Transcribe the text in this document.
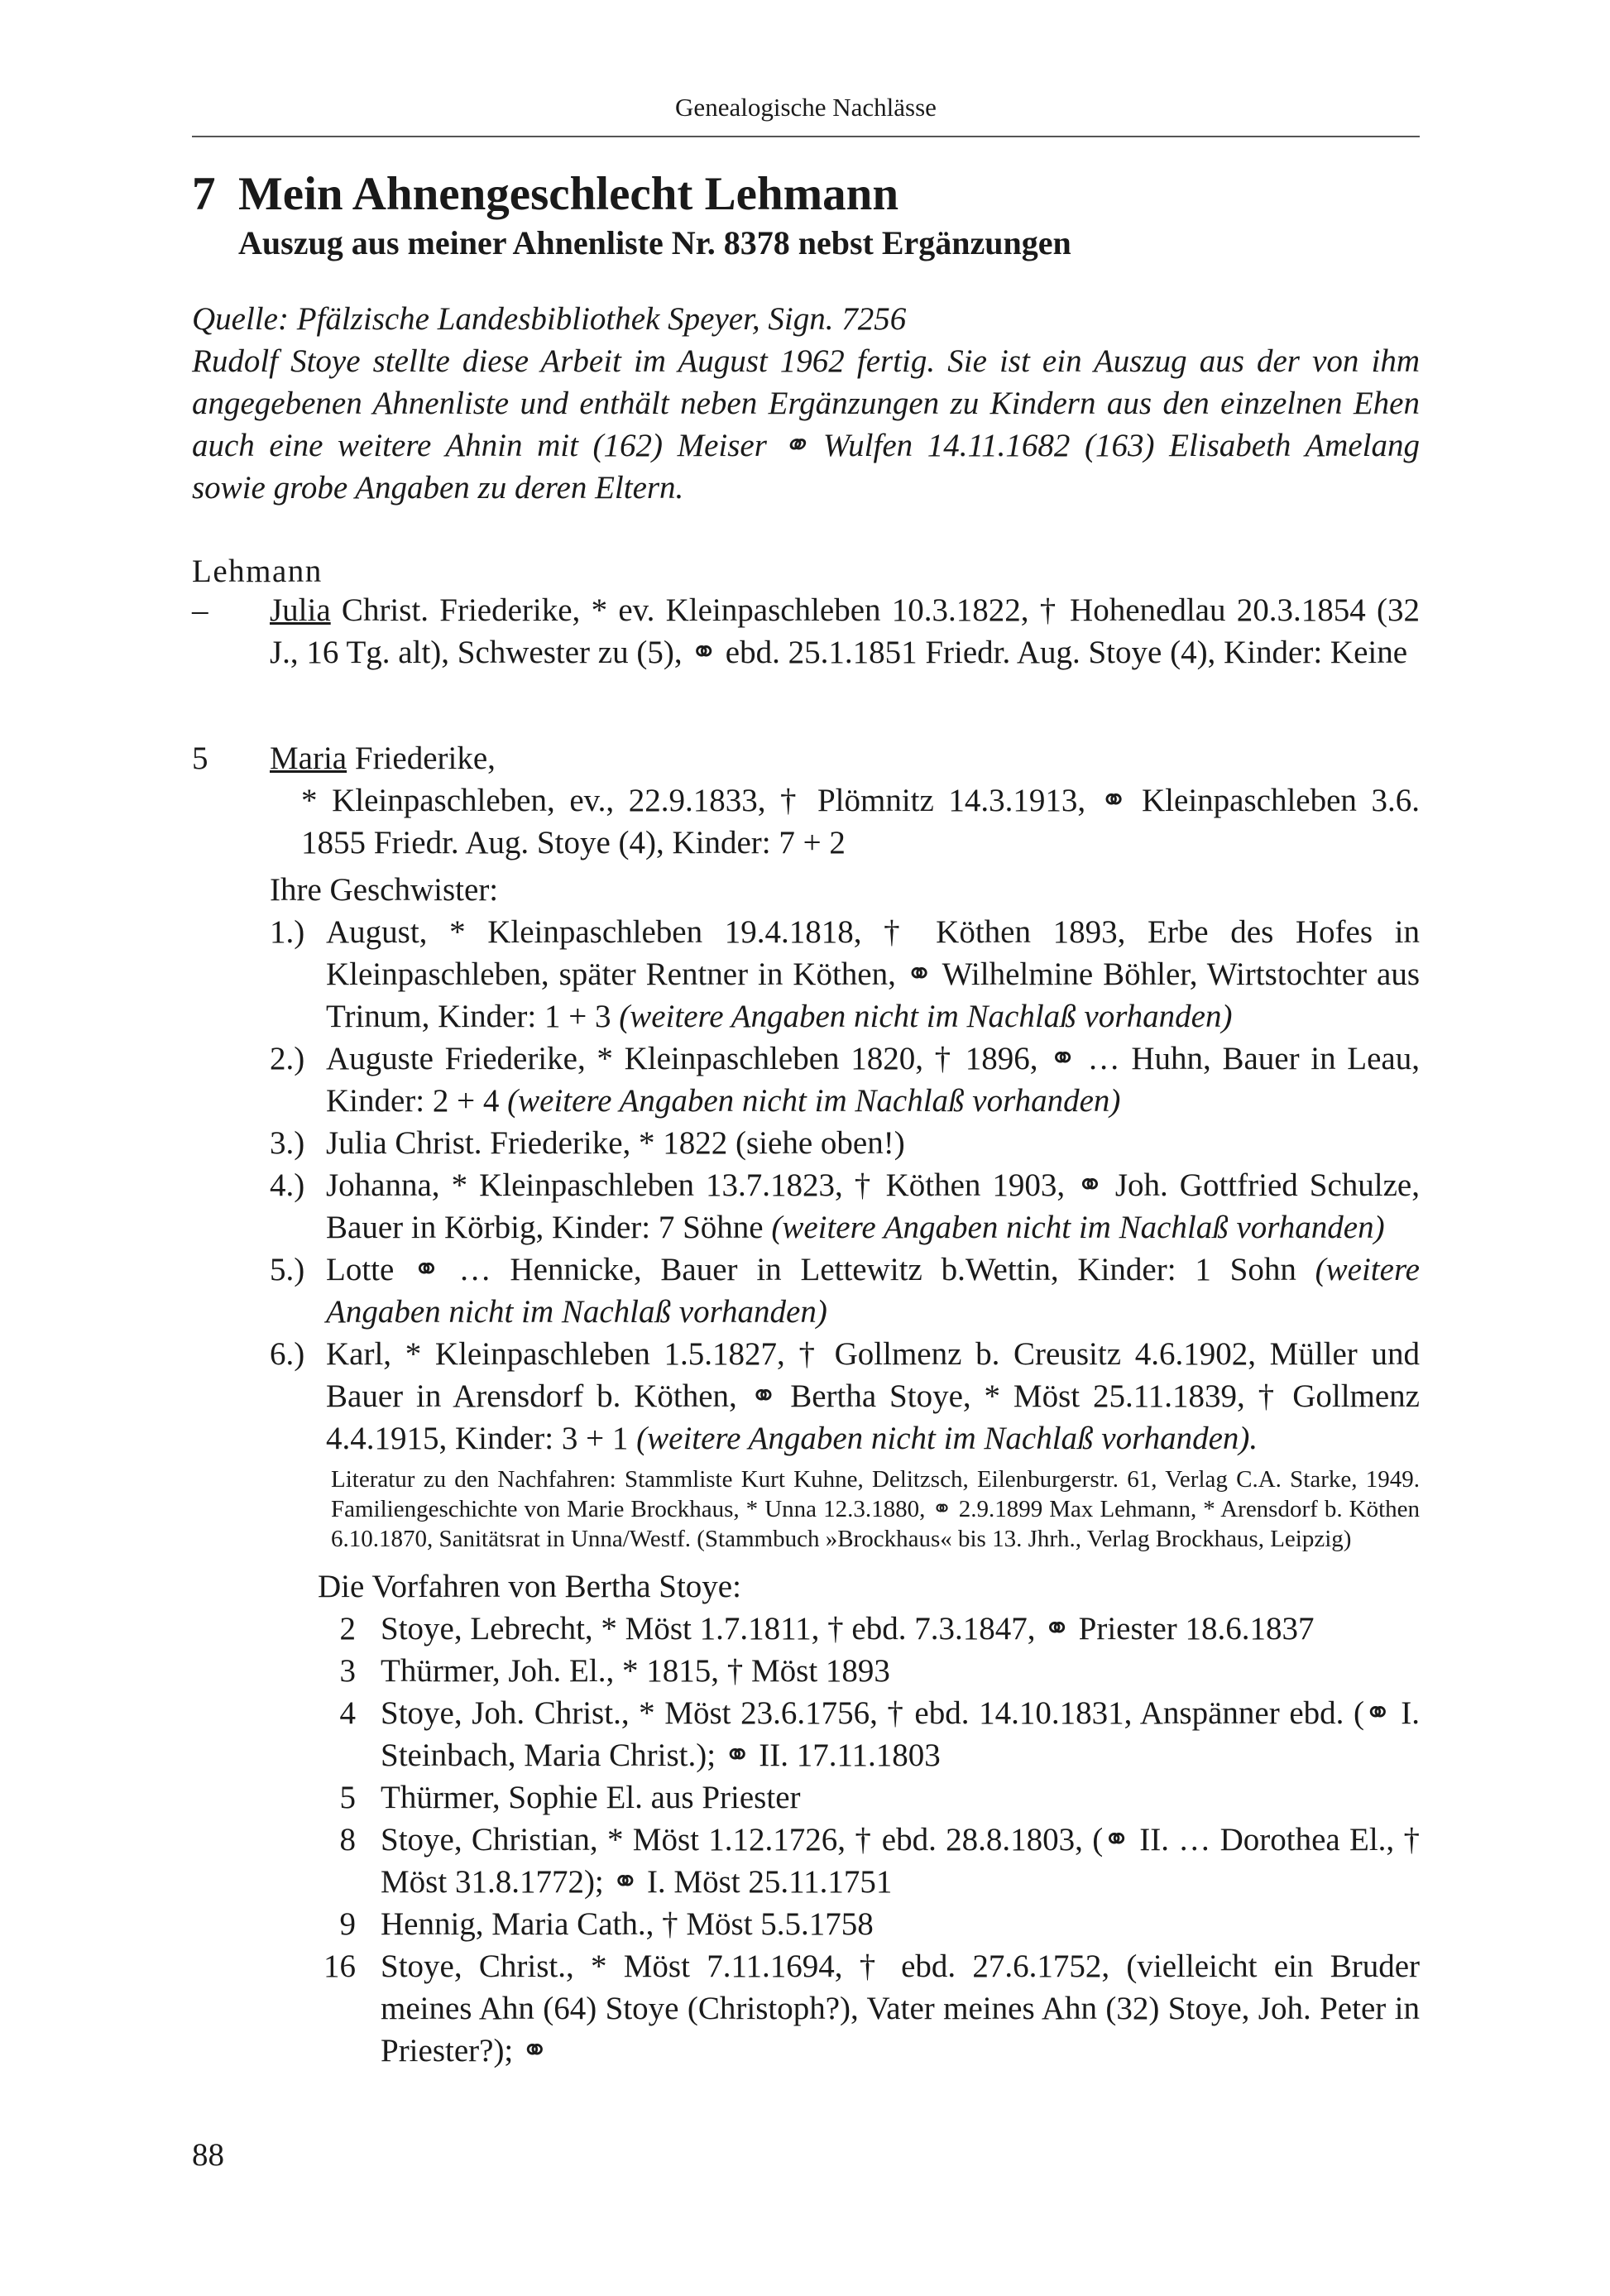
Genealogische Nachlässe
7 Mein Ahnengeschlecht Lehmann
Auszug aus meiner Ahnenliste Nr. 8378 nebst Ergänzungen

Quelle: Pfälzische Landesbibliothek Speyer, Sign. 7256

Rudolf Stoye stellte diese Arbeit im August 1962 fertig. Sie ist ein Auszug aus der von ihm angegebenen Ahnenliste und enthält neben Ergänzungen zu Kindern aus den einzelnen Ehen auch eine weitere Ahnin mit (162) Meiser ⚭ Wulfen 14.11.1682 (163) Elisabeth Amelang sowie grobe Angaben zu deren Eltern.

Lehmann
– Julia Christ. Friederike, * ev. Kleinpaschleben 10.3.1822, † Hohenedlau 20.3.1854 (32 J., 16 Tg. alt), Schwester zu (5), ⚭ ebd. 25.1.1851 Friedr. Aug. Stoye (4), Kinder: Keine
5 Maria Friederike,
* Kleinpaschleben, ev., 22.9.1833, † Plömnitz 14.3.1913, ⚭ Kleinpaschleben 3.6. 1855 Friedr. Aug. Stoye (4), Kinder: 7 + 2
Ihre Geschwister:
1.) August, * Kleinpaschleben 19.4.1818, † Köthen 1893, Erbe des Hofes in Kleinpaschleben, später Rentner in Köthen, ⚭ Wilhelmine Böhler, Wirtstochter aus Trinum, Kinder: 1 + 3 (weitere Angaben nicht im Nachlaß vorhanden)
2.) Auguste Friederike, * Kleinpaschleben 1820, † 1896, ⚭ … Huhn, Bauer in Leau, Kinder: 2 + 4 (weitere Angaben nicht im Nachlaß vorhanden)
3.) Julia Christ. Friederike, * 1822 (siehe oben!)
4.) Johanna, * Kleinpaschleben 13.7.1823, † Köthen 1903, ⚭ Joh. Gottfried Schulze, Bauer in Körbig, Kinder: 7 Söhne (weitere Angaben nicht im Nachlaß vorhanden)
5.) Lotte ⚭ … Hennicke, Bauer in Lettewitz b.Wettin, Kinder: 1 Sohn (weitere Angaben nicht im Nachlaß vorhanden)
6.) Karl, * Kleinpaschleben 1.5.1827, † Gollmenz b. Creusitz 4.6.1902, Müller und Bauer in Arensdorf b. Köthen, ⚭ Bertha Stoye, * Möst 25.11.1839, † Gollmenz 4.4.1915, Kinder: 3 + 1 (weitere Angaben nicht im Nachlaß vorhanden).
Literatur zu den Nachfahren: Stammliste Kurt Kuhne, Delitzsch, Eilenburgerstr. 61, Verlag C.A. Starke, 1949. Familiengeschichte von Marie Brockhaus, * Unna 12.3.1880, ⚭ 2.9.1899 Max Lehmann, * Arensdorf b. Köthen 6.10.1870, Sanitätsrat in Unna/Westf. (Stammbuch »Brockhaus« bis 13. Jhrh., Verlag Brockhaus, Leipzig)
Die Vorfahren von Bertha Stoye:
2 Stoye, Lebrecht, * Möst 1.7.1811, † ebd. 7.3.1847, ⚭ Priester 18.6.1837
3 Thürmer, Joh. El., * 1815, † Möst 1893
4 Stoye, Joh. Christ., * Möst 23.6.1756, † ebd. 14.10.1831, Anspänner ebd. (⚭ I. Steinbach, Maria Christ.); ⚭ II. 17.11.1803
5 Thürmer, Sophie El. aus Priester
8 Stoye, Christian, * Möst 1.12.1726, † ebd. 28.8.1803, (⚭ II. … Dorothea El., † Möst 31.8.1772); ⚭ I. Möst 25.11.1751
9 Hennig, Maria Cath., † Möst 5.5.1758
16 Stoye, Christ., * Möst 7.11.1694, † ebd. 27.6.1752, (vielleicht ein Bruder meines Ahn (64) Stoye (Christoph?), Vater meines Ahn (32) Stoye, Joh. Peter in Priester?); ⚭
88
